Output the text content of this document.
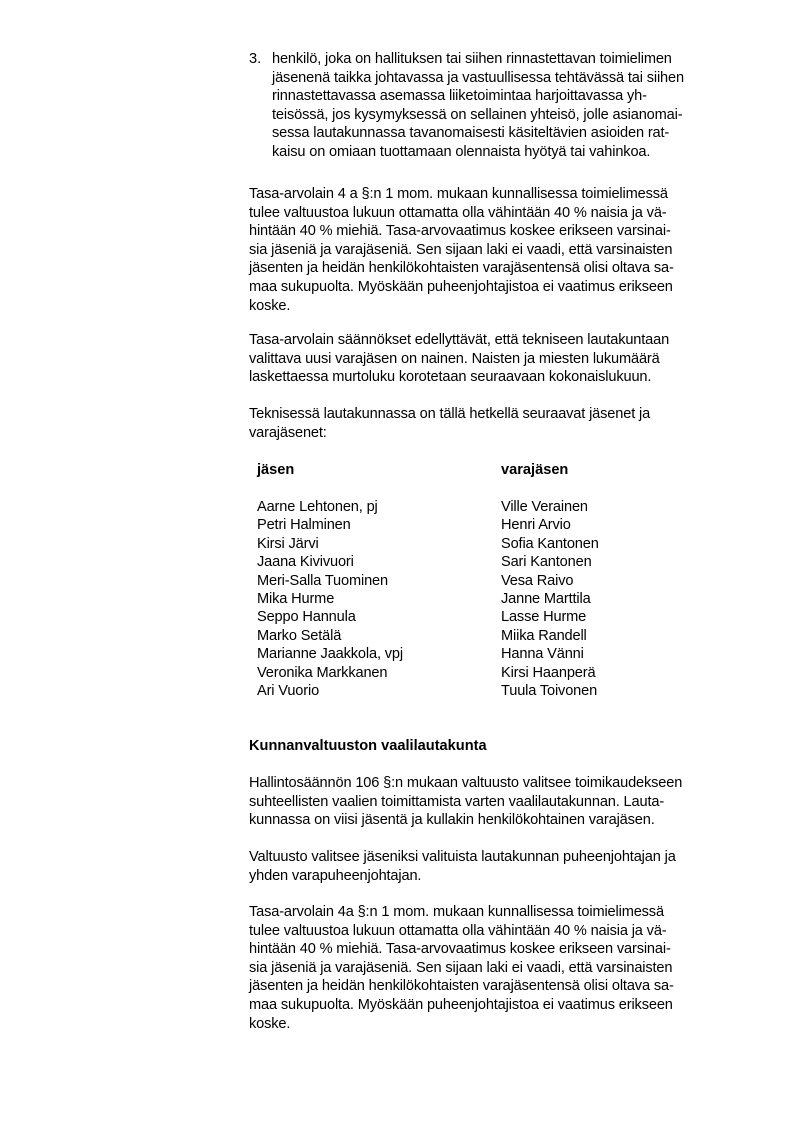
3. henkilö, joka on hallituksen tai siihen rinnastettavan toimielimen
jäsenenä taikka johtavassa ja vastuullisessa tehtävässä tai siihen
rinnastettavassa asemassa liiketoimintaa harjoittavassa yh-
teisössä, jos kysymyksessä on sellainen yhteisö, jolle asianomai-
sessa lautakunnassa tavanomaisesti käsiteltävien asioiden rat-
kaisu on omiaan tuottamaan olennaista hyötyä tai vahinkoa.
Tasa-arvolain 4 a §:n 1 mom. mukaan kunnallisessa toimielimessä
tulee valtuustoa lukuun ottamatta olla vähintään 40 % naisia ja vä-
hintään 40 % miehiä. Tasa-arvovaatimus koskee erikseen varsinai-
sia jäseniä ja varajäseniä. Sen sijaan laki ei vaadi, että varsinaisten
jäsenten ja heidän henkilökohtaisten varajäsentensä olisi oltava sa-
maa sukupuolta. Myöskään puheenjohtajistoa ei vaatimus erikseen
koske.
Tasa-arvolain säännökset edellyttävät, että tekniseen lautakuntaan
valittava uusi varajäsen on nainen. Naisten ja miesten lukumäärä
laskettaessa murtoluku korotetaan seuraavaan kokonaislukuun.
Teknisessä lautakunnassa on tällä hetkellä seuraavat jäsenet ja
varajäsenet:
jäsen	varajäsen
Aarne Lehtonen, pj
Petri Halminen
Kirsi Järvi
Jaana Kivivuori
Meri-Salla Tuominen
Mika Hurme
Seppo Hannula
Marko Setälä
Marianne Jaakkola, vpj
Veronika Markkanen
Ari Vuorio
Ville Verainen
Henri Arvio
Sofia Kantonen
Sari Kantonen
Vesa Raivo
Janne Marttila
Lasse Hurme
Miika Randell
Hanna Vänni
Kirsi Haanperä
Tuula Toivonen
Kunnanvaltuuston vaalilautakunta
Hallintosäännön 106 §:n mukaan valtuusto valitsee toimikaudekseen
suhteellisten vaalien toimittamista varten vaalilautakunnan. Lauta-
kunnassa on viisi jäsentä ja kullakin henkilökohtainen varajäsen.
Valtuusto valitsee jäseniksi valituista lautakunnan puheenjohtajan ja
yhden varapuheenjohtajan.
Tasa-arvolain 4a §:n 1 mom. mukaan kunnallisessa toimielimessä
tulee valtuustoa lukuun ottamatta olla vähintään 40 % naisia ja vä-
hintään 40 % miehiä. Tasa-arvovaatimus koskee erikseen varsinai-
sia jäseniä ja varajäseniä. Sen sijaan laki ei vaadi, että varsinaisten
jäsenten ja heidän henkilökohtaisten varajäsentensä olisi oltava sa-
maa sukupuolta. Myöskään puheenjohtajistoa ei vaatimus erikseen
koske.
